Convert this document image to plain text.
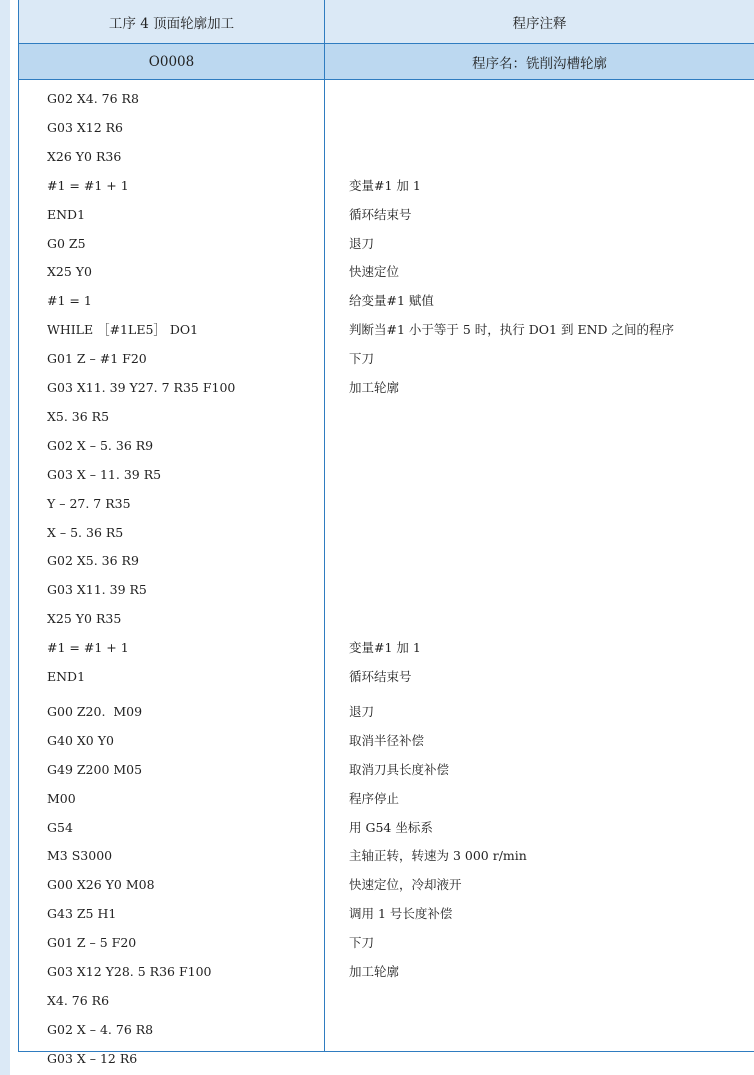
工序 4 顶面轮廓加工	程序注释
O0008	程序名：铣削沟槽轮廓
G02 X4. 76 R8
G03 X12 R6
X26 Y0 R36
#1 = #1 + 1	变量#1 加 1
END1	循环结束号
G0 Z5	退刀
X25 Y0	快速定位
#1 = 1	给变量#1 赋值
WHILE ［#1LE5］ DO1	判断当#1 小于等于 5 时，执行 DO1 到 END 之间的程序
G01 Z – #1 F20	下刀
G03 X11. 39 Y27. 7 R35 F100	加工轮廓
X5. 36 R5
G02 X – 5. 36 R9
G03 X – 11. 39 R5
Y – 27. 7 R35
X – 5. 36 R5
G02 X5. 36 R9
G03 X11. 39 R5
X25 Y0 R35
#1 = #1 + 1	变量#1 加 1
END1	循环结束号
G00 Z20.  M09	退刀
G40 X0 Y0	取消半径补偿
G49 Z200 M05	取消刀具长度补偿
M00	程序停止
G54	用 G54 坐标系
M3 S3000	主轴正转，转速为 3 000 r/min
G00 X26 Y0 M08	快速定位，冷却液开
G43 Z5 H1	调用 1 号长度补偿
G01 Z – 5 F20	下刀
G03 X12 Y28. 5 R36 F100	加工轮廓
X4. 76 R6
G02 X – 4. 76 R8
G03 X – 12 R6
